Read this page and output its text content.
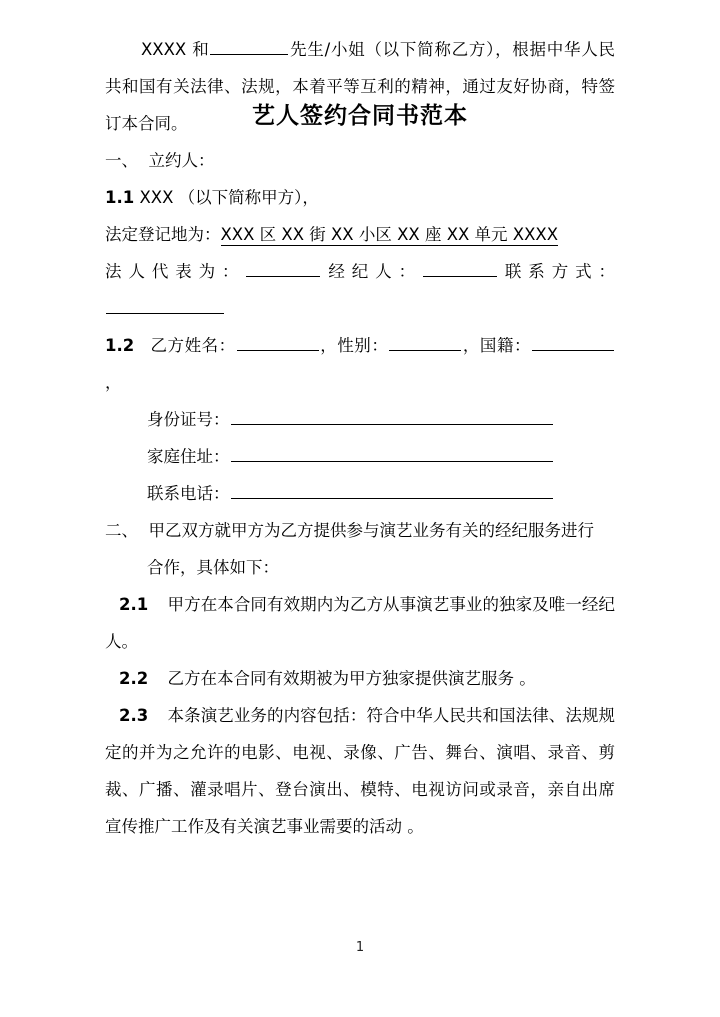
艺人签约合同书范本

XXXX 和	先生/小姐（以下简称乙方），根据中华人民共和国有关法律、法规，本着平等互利的精神，通过友好协商，特签订本合同。

一、 立约人：

1.1 XXX （以下简称甲方），

法定登记地为：XXX 区 XX 街 XX 小区 XX 座 XX 单元 XXXX

法人代表为：	经纪人：	联系方式：

1.2 乙方姓名：	，性别：	，国籍：，

身份证号：

家庭住址：

联系电话：

二、 甲乙双方就甲方为乙方提供参与演艺业务有关的经纪服务进行

合作，具体如下：

2.1 甲方在本合同有效期内为乙方从事演艺事业的独家及唯一经纪人。

2.2 乙方在本合同有效期被为甲方独家提供演艺服务 。

2.3 本条演艺业务的内容包括：符合中华人民共和国法律、法规规定的并为之允许的电影、电视、录像、广告、舞台、演唱、录音、剪裁、广播、灌录唱片、登台演出、模特、电视访问或录音，亲自出席宣传推广工作及有关演艺事业需要的活动 。

1
